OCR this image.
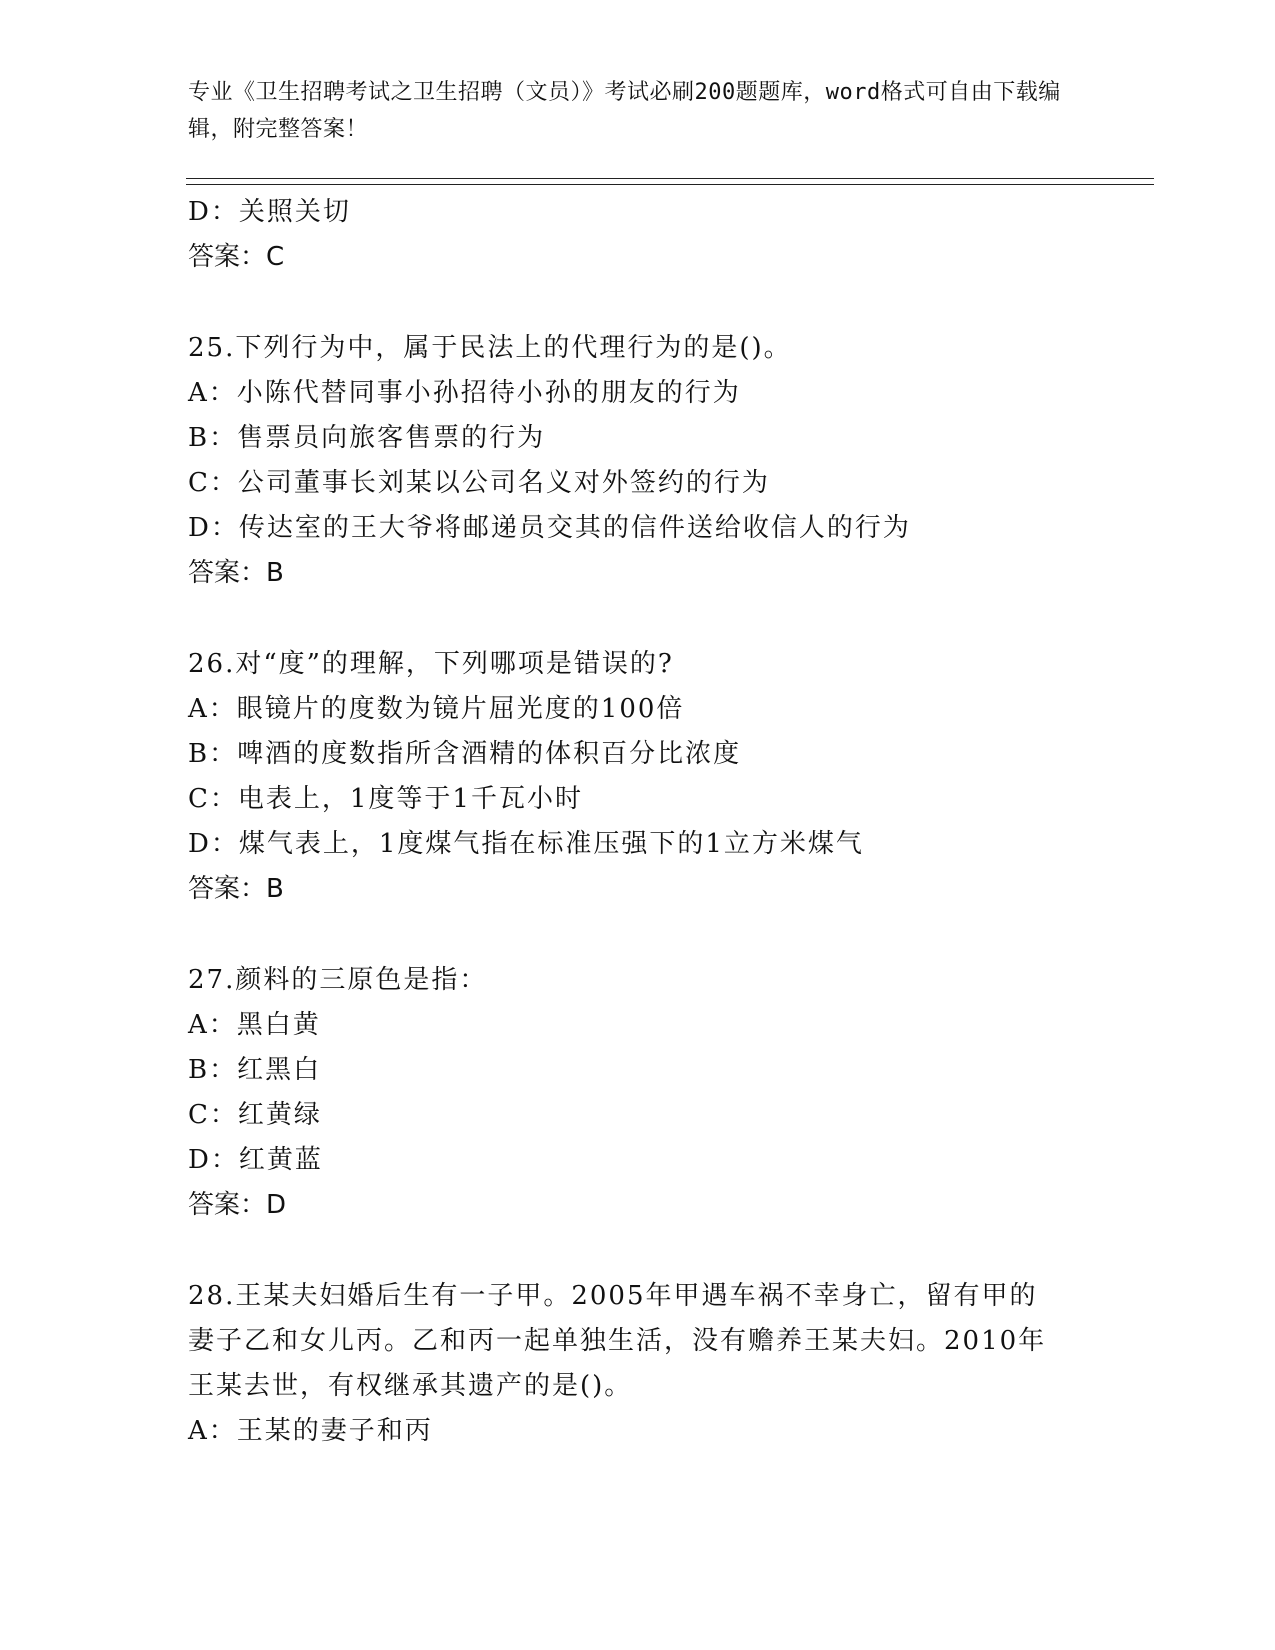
专业《卫生招聘考试之卫生招聘（文员）》考试必刷200题题库，word格式可自由下载编辑，附完整答案！
D：关照关切
答案：C
25.下列行为中，属于民法上的代理行为的是()。
A：小陈代替同事小孙招待小孙的朋友的行为
B：售票员向旅客售票的行为
C：公司董事长刘某以公司名义对外签约的行为
D：传达室的王大爷将邮递员交其的信件送给收信人的行为
答案：B
26.对“度”的理解，下列哪项是错误的?
A：眼镜片的度数为镜片屈光度的100倍
B：啤酒的度数指所含酒精的体积百分比浓度
C：电表上，1度等于1千瓦小时
D：煤气表上，1度煤气指在标准压强下的1立方米煤气
答案：B
27.颜料的三原色是指：
A：黑白黄
B：红黑白
C：红黄绿
D：红黄蓝
答案：D
28.王某夫妇婚后生有一子甲。2005年甲遇车祸不幸身亡，留有甲的妻子乙和女儿丙。乙和丙一起单独生活，没有赡养王某夫妇。2010年王某去世，有权继承其遗产的是()。
A：王某的妻子和丙
